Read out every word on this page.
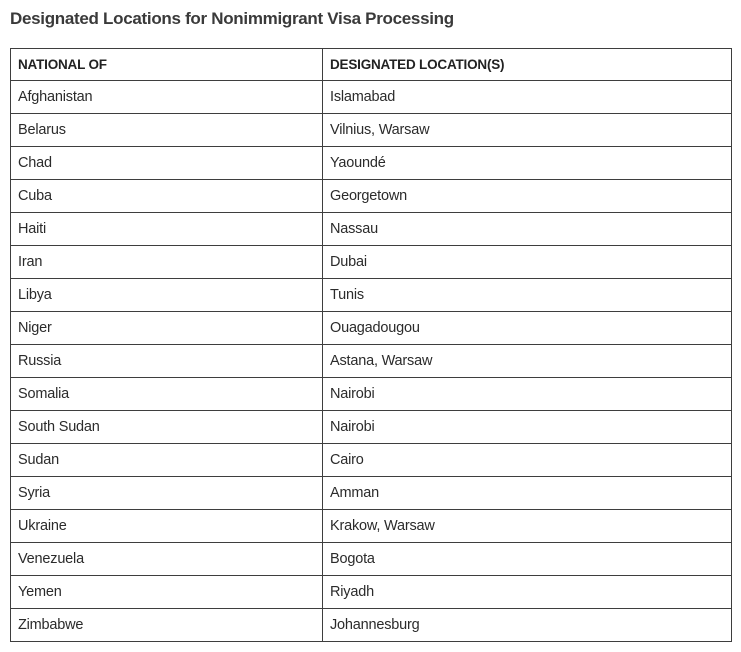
Designated Locations for Nonimmigrant Visa Processing
NATIONAL OF	DESIGNATED LOCATION(S)
Afghanistan	Islamabad
Belarus	Vilnius, Warsaw
Chad	Yaoundé
Cuba	Georgetown
Haiti	Nassau
Iran	Dubai
Libya	Tunis
Niger	Ouagadougou
Russia	Astana, Warsaw
Somalia	Nairobi
South Sudan	Nairobi
Sudan	Cairo
Syria	Amman
Ukraine	Krakow, Warsaw
Venezuela	Bogota
Yemen	Riyadh
Zimbabwe	Johannesburg
